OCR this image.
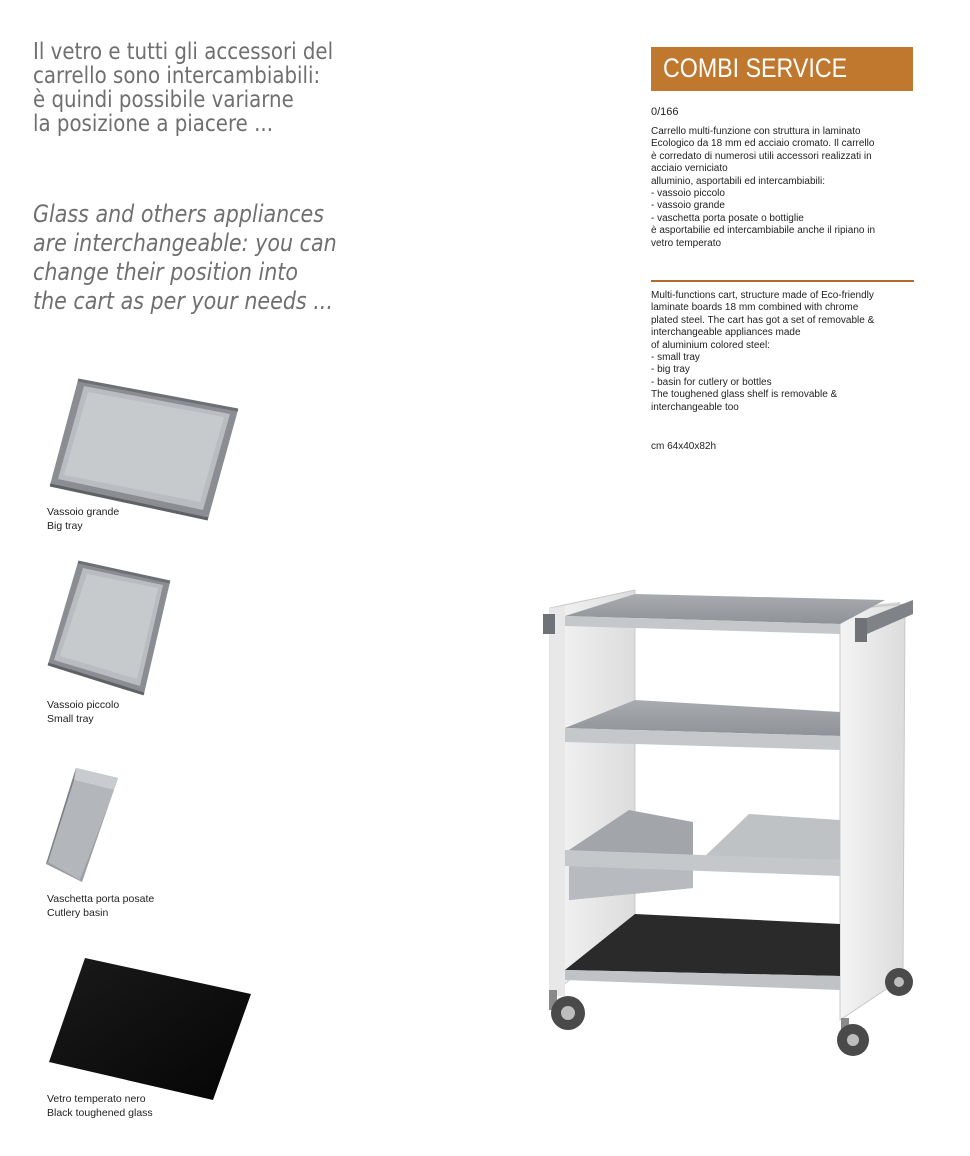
Il vetro e tutti gli accessori del
carrello sono intercambiabili:
è quindi possibile variarne
la posizione a piacere ...
Glass and others appliances
are interchangeable: you can
change their position into
the cart as per your needs ...
Vassoio grande
Big tray
Vassoio piccolo
Small tray
Vaschetta porta posate
Cutlery basin
Vetro temperato nero
Black toughened glass
COMBI SERVICE
0/166
Carrello multi-funzione con struttura in laminato
Ecologico da 18 mm ed acciaio cromato. Il carrello
è corredato di numerosi utili accessori realizzati in
acciaio verniciato
alluminio, asportabili ed intercambiabili:
- vassoio piccolo
- vassoio grande
- vaschetta porta posate o bottiglie
è asportabilie ed intercambiabile anche il ripiano in
vetro temperato
Multi-functions cart, structure made of Eco-friendly
laminate boards 18 mm combined with chrome
plated steel. The cart has got a set of removable &
interchangeable appliances made
of aluminium colored steel:
- small tray
- big tray
- basin for cutlery or bottles
The toughened glass shelf is removable &
interchangeable too
cm 64x40x82h
